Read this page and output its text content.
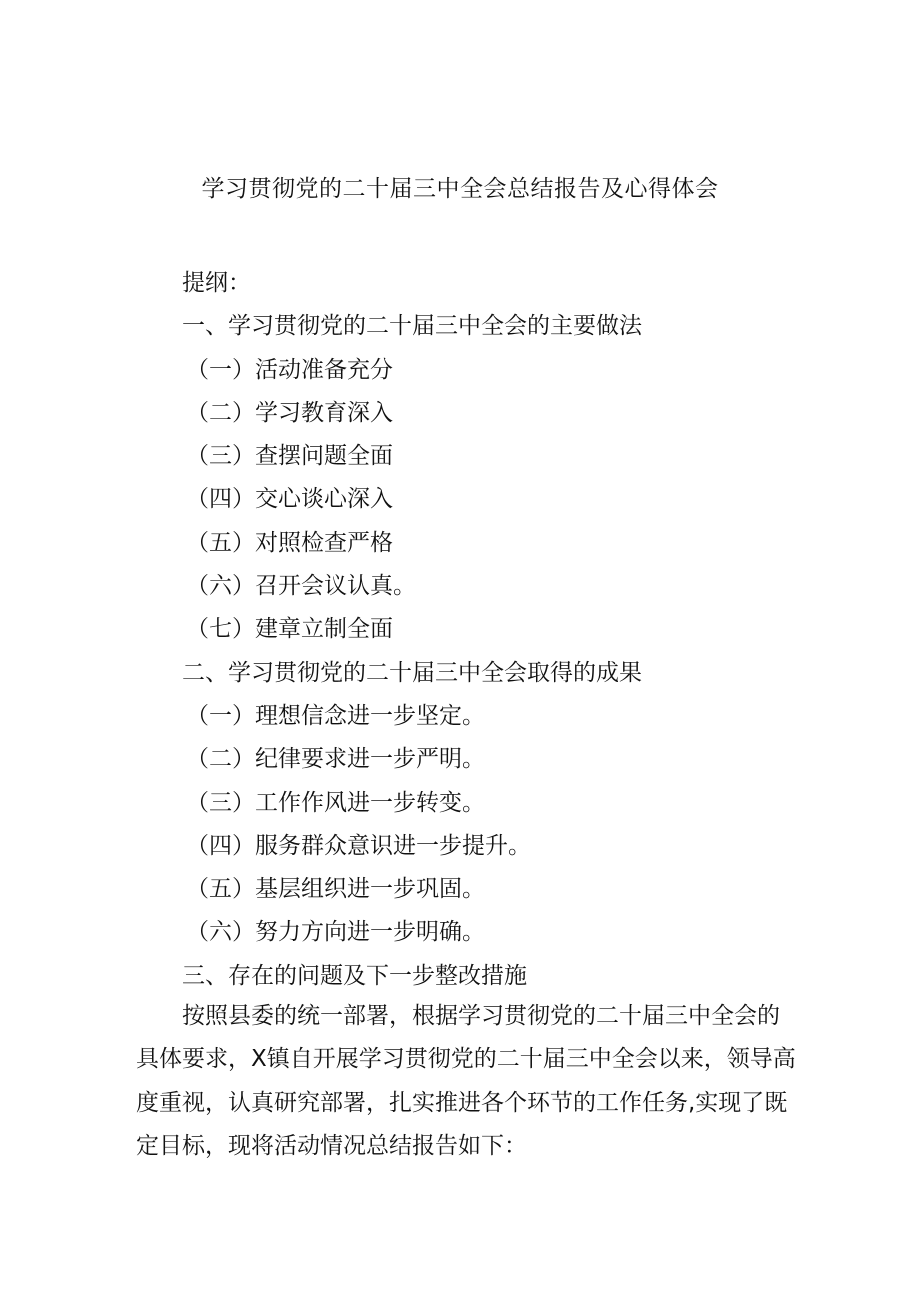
学习贯彻党的二十届三中全会总结报告及心得体会
提纲：
一、学习贯彻党的二十届三中全会的主要做法
（一）活动准备充分
（二）学习教育深入
（三）查摆问题全面
（四）交心谈心深入
（五）对照检查严格
（六）召开会议认真。
（七）建章立制全面
二、学习贯彻党的二十届三中全会取得的成果
（一）理想信念进一步坚定。
（二）纪律要求进一步严明。
（三）工作作风进一步转变。
（四）服务群众意识进一步提升。
（五）基层组织进一步巩固。
（六）努力方向进一步明确。
三、存在的问题及下一步整改措施

按照县委的统一部署，根据学习贯彻党的二十届三中全会的
具体要求，X镇自开展学习贯彻党的二十届三中全会以来，领导高
度重视，认真研究部署，扎实推进各个环节的工作任务,实现了既
定目标，现将活动情况总结报告如下：
